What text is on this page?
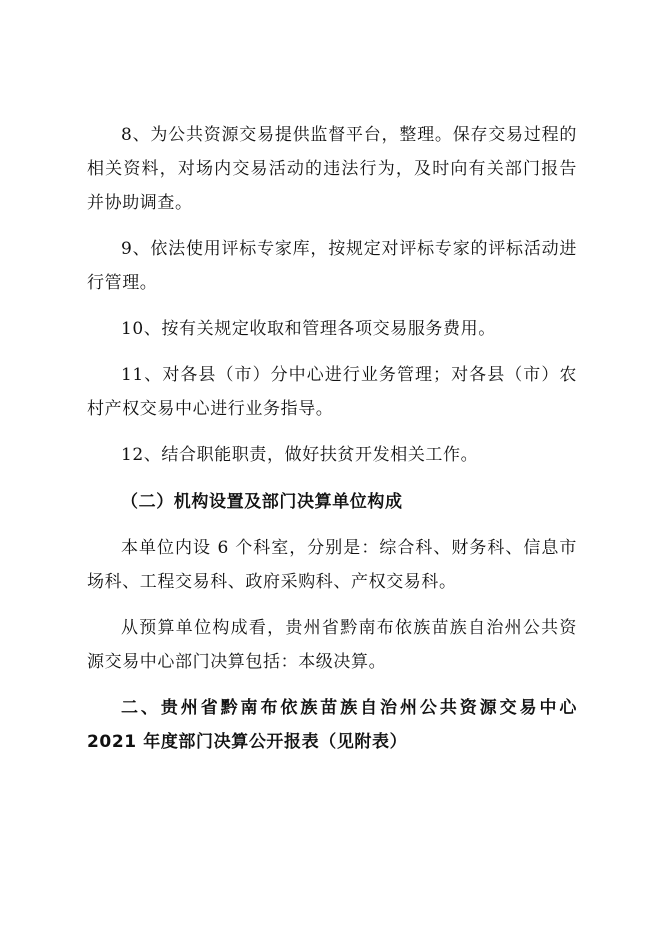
8、为公共资源交易提供监督平台，整理。保存交易过程的相关资料，对场内交易活动的违法行为，及时向有关部门报告并协助调查。

9、依法使用评标专家库，按规定对评标专家的评标活动进行管理。

10、按有关规定收取和管理各项交易服务费用。

11、对各县（市）分中心进行业务管理；对各县（市）农村产权交易中心进行业务指导。

12、结合职能职责，做好扶贫开发相关工作。

（二）机构设置及部门决算单位构成

本单位内设 6 个科室，分别是：综合科、财务科、信息市场科、工程交易科、政府采购科、产权交易科。

从预算单位构成看，贵州省黔南布依族苗族自治州公共资源交易中心部门决算包括：本级决算。

二、贵州省黔南布依族苗族自治州公共资源交易中心 2021 年度部门决算公开报表（见附表）
